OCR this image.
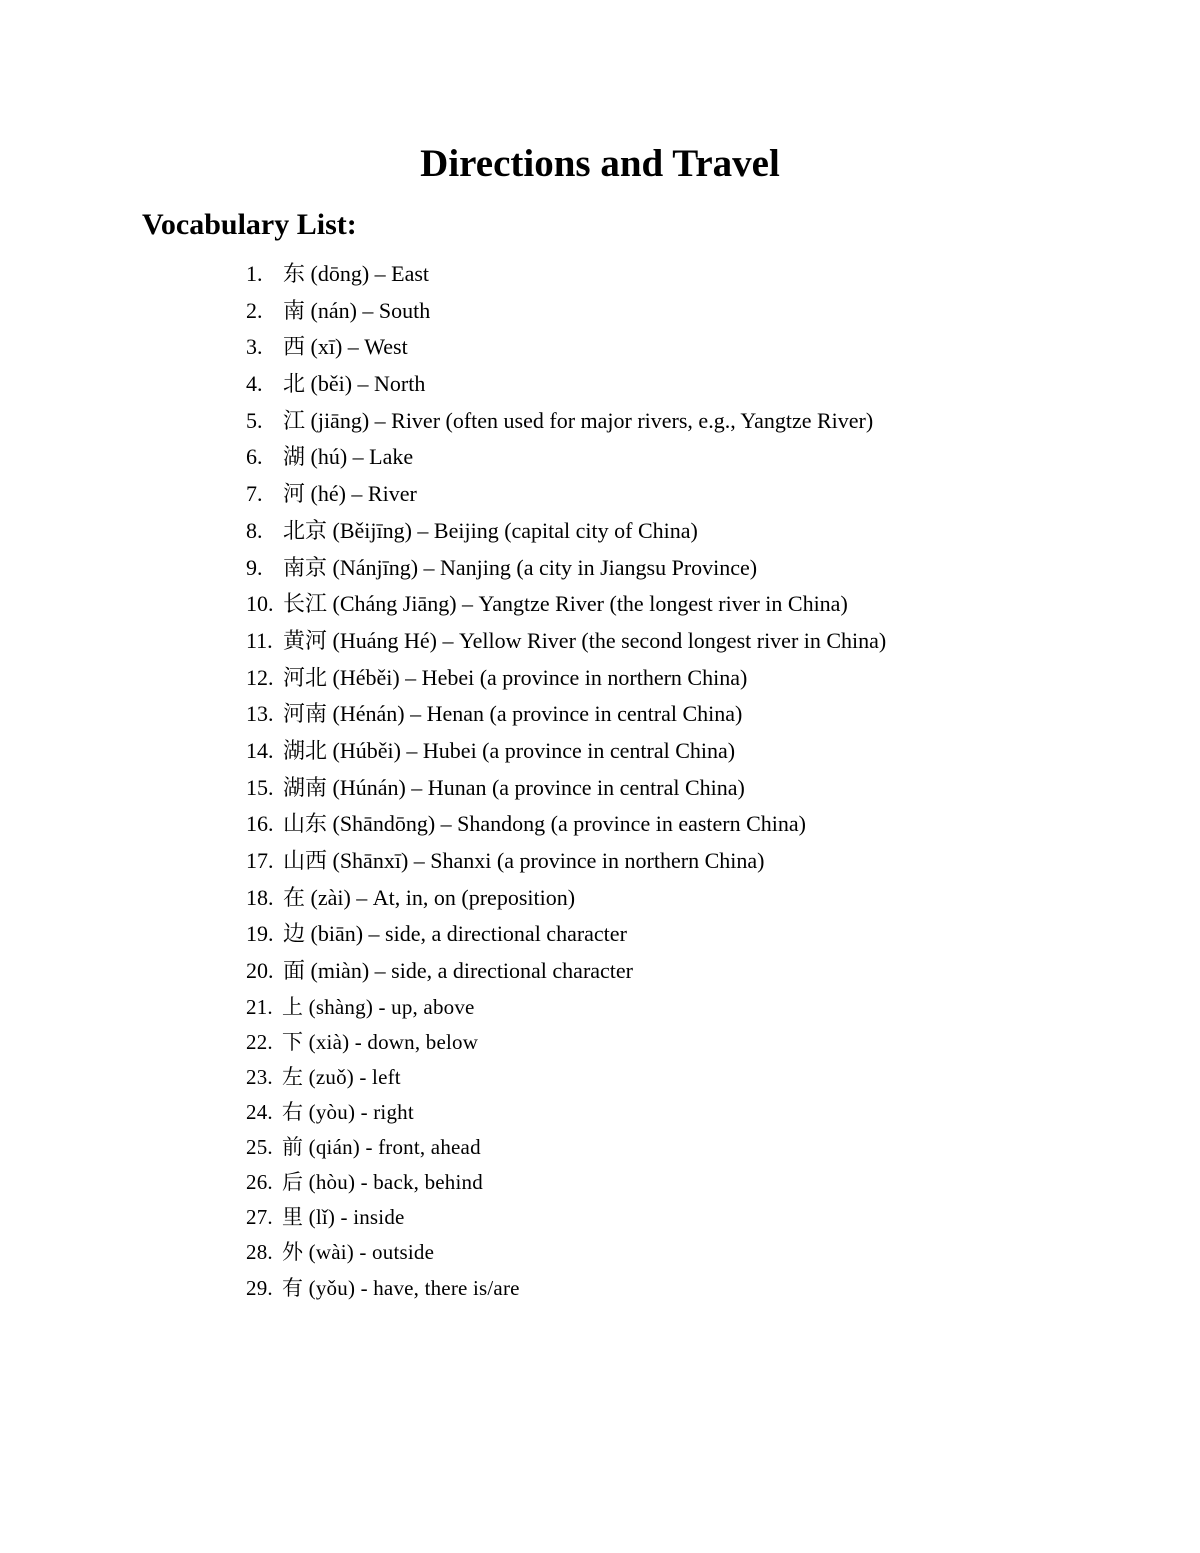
Directions and Travel
Vocabulary List:
1. 东 (dōng) – East
2. 南 (nán) – South
3. 西 (xī) – West
4. 北 (běi) – North
5. 江 (jiāng) – River (often used for major rivers, e.g., Yangtze River)
6. 湖 (hú) – Lake
7. 河 (hé) – River
8. 北京 (Běijīng) – Beijing (capital city of China)
9. 南京 (Nánjīng) – Nanjing (a city in Jiangsu Province)
10. 长江 (Cháng Jiāng) – Yangtze River (the longest river in China)
11. 黄河 (Huáng Hé) – Yellow River (the second longest river in China)
12. 河北 (Héběi) – Hebei (a province in northern China)
13. 河南 (Hénán) – Henan (a province in central China)
14. 湖北 (Húběi) – Hubei (a province in central China)
15. 湖南 (Húnán) – Hunan (a province in central China)
16. 山东 (Shāndōng) – Shandong (a province in eastern China)
17. 山西 (Shānxī) – Shanxi (a province in northern China)
18. 在 (zài) – At, in, on (preposition)
19. 边 (biān) – side, a directional character
20. 面 (miàn) – side, a directional character
21. 上 (shàng) - up, above
22. 下 (xià) - down, below
23. 左 (zuǒ) - left
24. 右 (yòu) - right
25. 前 (qián) - front, ahead
26. 后 (hòu) - back, behind
27. 里 (lǐ) - inside
28. 外 (wài) - outside
29. 有 (yǒu) - have, there is/are
